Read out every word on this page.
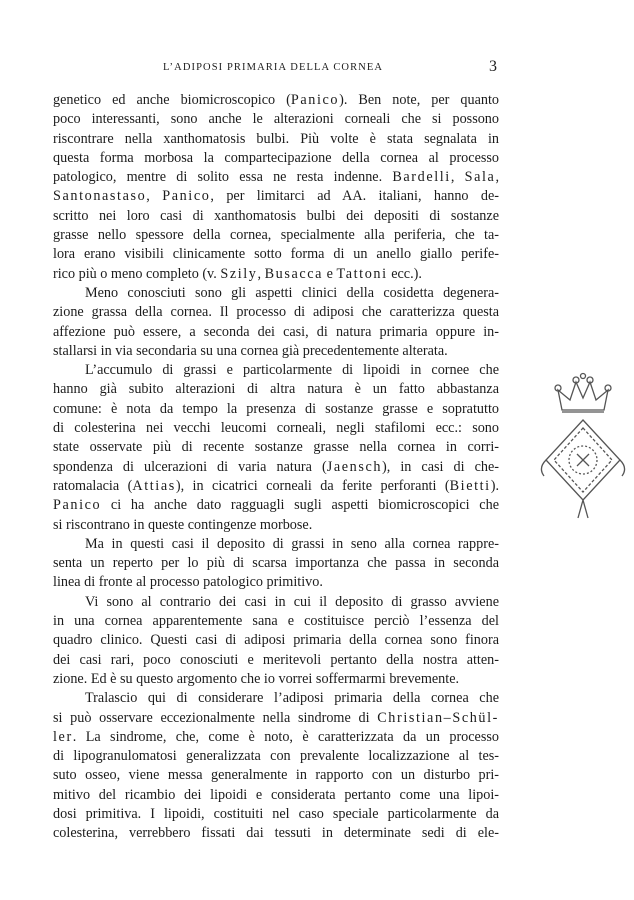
L’ADIPOSI PRIMARIA DELLA CORNEA	3
genetico ed anche biomicroscopico (Panico). Ben note, per quanto
poco interessanti, sono anche le alterazioni corneali che si possono
riscontrare nella xanthomatosis bulbi. Più volte è stata segnalata in
questa forma morbosa la compartecipazione della cornea al processo
patologico, mentre di solito essa ne resta indenne. Bardelli, Sala,
Santonastaso, Panico, per limitarci ad AA. italiani, hanno de-
scritto nei loro casi di xanthomatosis bulbi dei depositi di sostanze
grasse nello spessore della cornea, specialmente alla periferia, che ta-
lora erano visibili clinicamente sotto forma di un anello giallo perife-
rico più o meno completo (v. Szily, Busacca e Tattoni ecc.).
Meno conosciuti sono gli aspetti clinici della cosidetta degenera-
zione grassa della cornea. Il processo di adiposi che caratterizza questa
affezione può essere, a seconda dei casi, di natura primaria oppure in-
stallarsi in via secondaria su una cornea già precedentemente alterata.
L’accumulo di grassi e particolarmente di lipoidi in cornee che
hanno già subito alterazioni di altra natura è un fatto abbastanza
comune: è nota da tempo la presenza di sostanze grasse e sopratutto
di colesterina nei vecchi leucomi corneali, negli stafilomi ecc.: sono
state osservate più di recente sostanze grasse nella cornea in corri-
spondenza di ulcerazioni di varia natura (Jaensch), in casi di che-
ratomalacia (Attias), in cicatrici corneali da ferite perforanti (Bietti).
Panico ci ha anche dato ragguagli sugli aspetti biomicroscopici che
si riscontrano in queste contingenze morbose.
Ma in questi casi il deposito di grassi in seno alla cornea rappre-
senta un reperto per lo più di scarsa importanza che passa in seconda
linea di fronte al processo patologico primitivo.
Vi sono al contrario dei casi in cui il deposito di grasso avviene
in una cornea apparentemente sana e costituisce perciò l’essenza del
quadro clinico. Questi casi di adiposi primaria della cornea sono finora
dei casi rari, poco conosciuti e meritevoli pertanto della nostra atten-
zione. Ed è su questo argomento che io vorrei soffermarmi brevemente.
Tralascio qui di considerare l’adiposi primaria della cornea che
si può osservare eccezionalmente nella sindrome di Christian–Schül-
ler. La sindrome, che, come è noto, è caratterizzata da un processo
di lipogranulomatosi generalizzata con prevalente localizzazione al tes-
suto osseo, viene messa generalmente in rapporto con un disturbo pri-
mitivo del ricambio dei lipoidi e considerata pertanto come una lipoi-
dosi primitiva. I lipoidi, costituiti nel caso speciale particolarmente da
colesterina, verrebbero fissati dai tessuti in determinate sedi di ele-
